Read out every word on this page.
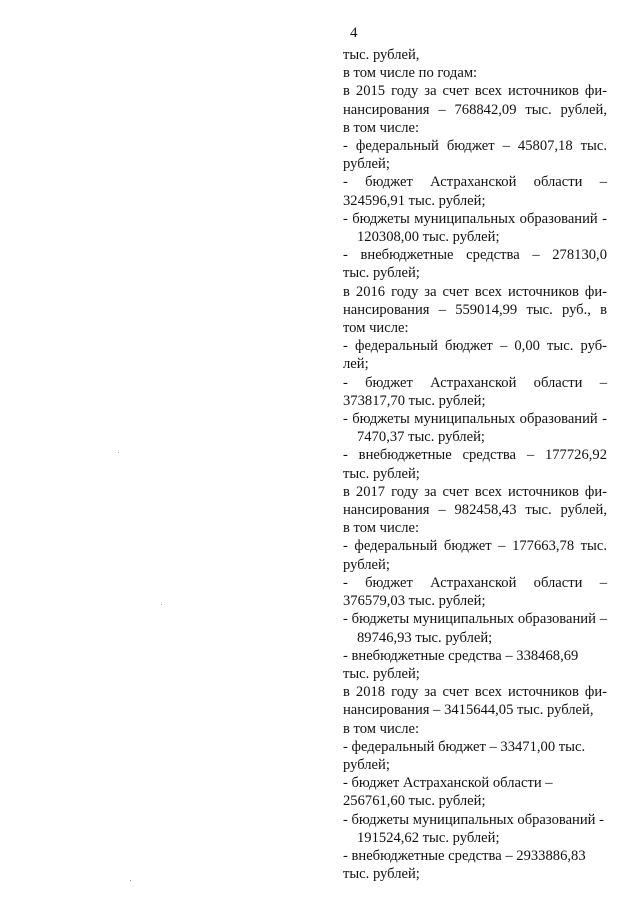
4
тыс. рублей,
в том числе по годам:
в 2015 году за счет всех источников фи-
нансирования – 768842,09 тыс. рублей,
в том числе:
- федеральный бюджет – 45807,18 тыс.
рублей;
- бюджет Астраханской области –
324596,91 тыс. рублей;
- бюджеты муниципальных образований -
120308,00 тыс. рублей;
- внебюджетные средства – 278130,0
тыс. рублей;
в 2016 году за счет всех источников фи-
нансирования – 559014,99 тыс. руб., в
том числе:
- федеральный бюджет – 0,00 тыс. руб-
лей;
- бюджет Астраханской области –
373817,70 тыс. рублей;
- бюджеты муниципальных образований -
7470,37 тыс. рублей;
- внебюджетные средства – 177726,92
тыс. рублей;
в 2017 году за счет всех источников фи-
нансирования – 982458,43 тыс. рублей,
в том числе:
- федеральный бюджет – 177663,78 тыс.
рублей;
- бюджет Астраханской области –
376579,03 тыс. рублей;
- бюджеты муниципальных образований –
89746,93 тыс. рублей;
- внебюджетные средства – 338468,69
тыс. рублей;
в 2018 году за счет всех источников фи-
нансирования – 3415644,05 тыс. рублей,
в том числе:
- федеральный бюджет – 33471,00 тыс.
рублей;
- бюджет Астраханской области –
256761,60 тыс. рублей;
- бюджеты муниципальных образований -
191524,62 тыс. рублей;
- внебюджетные средства – 2933886,83
тыс. рублей;
